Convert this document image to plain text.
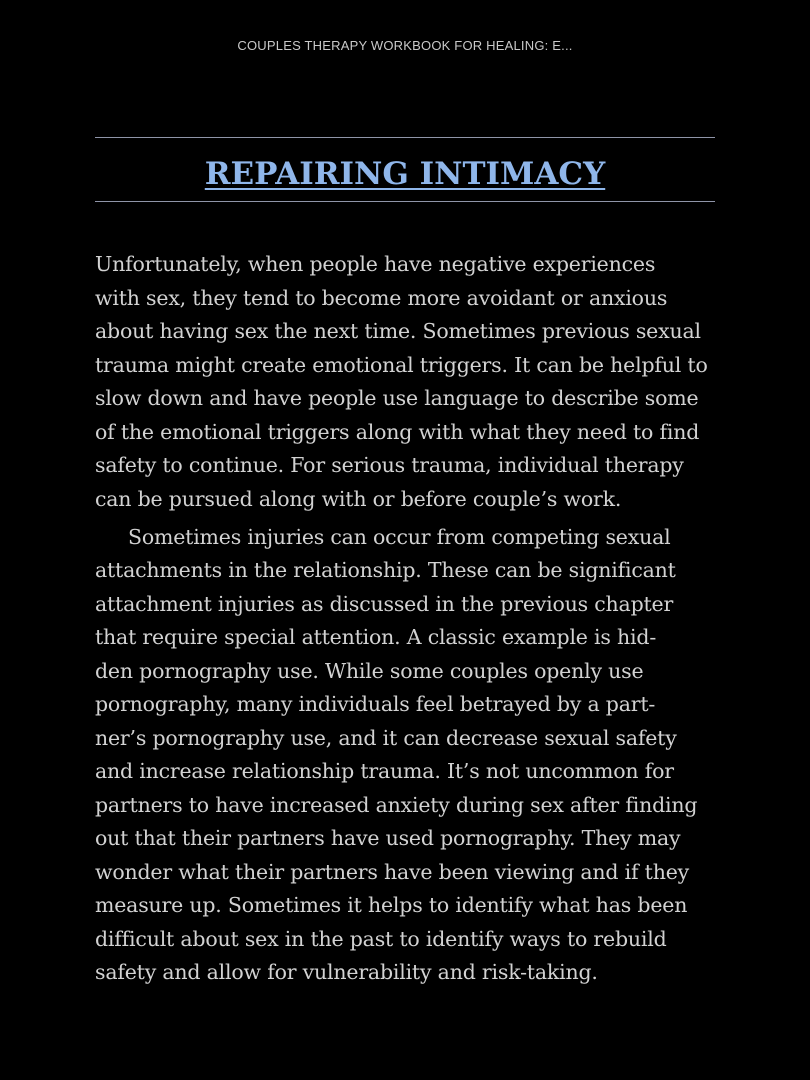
COUPLES THERAPY WORKBOOK FOR HEALING: E...
REPAIRING INTIMACY

Unfortunately, when people have negative experiences
with sex, they tend to become more avoidant or anxious
about having sex the next time. Sometimes previous sexual
trauma might create emotional triggers. It can be helpful to
slow down and have people use language to describe some
of the emotional triggers along with what they need to find
safety to continue. For serious trauma, individual therapy
can be pursued along with or before couple’s work.

Sometimes injuries can occur from competing sexual
attachments in the relationship. These can be significant
attachment injuries as discussed in the previous chapter
that require special attention. A classic example is hid-
den pornography use. While some couples openly use
pornography, many individuals feel betrayed by a part-
ner’s pornography use, and it can decrease sexual safety
and increase relationship trauma. It’s not uncommon for
partners to have increased anxiety during sex after finding
out that their partners have used pornography. They may
wonder what their partners have been viewing and if they
measure up. Sometimes it helps to identify what has been
difficult about sex in the past to identify ways to rebuild
safety and allow for vulnerability and risk-taking.
